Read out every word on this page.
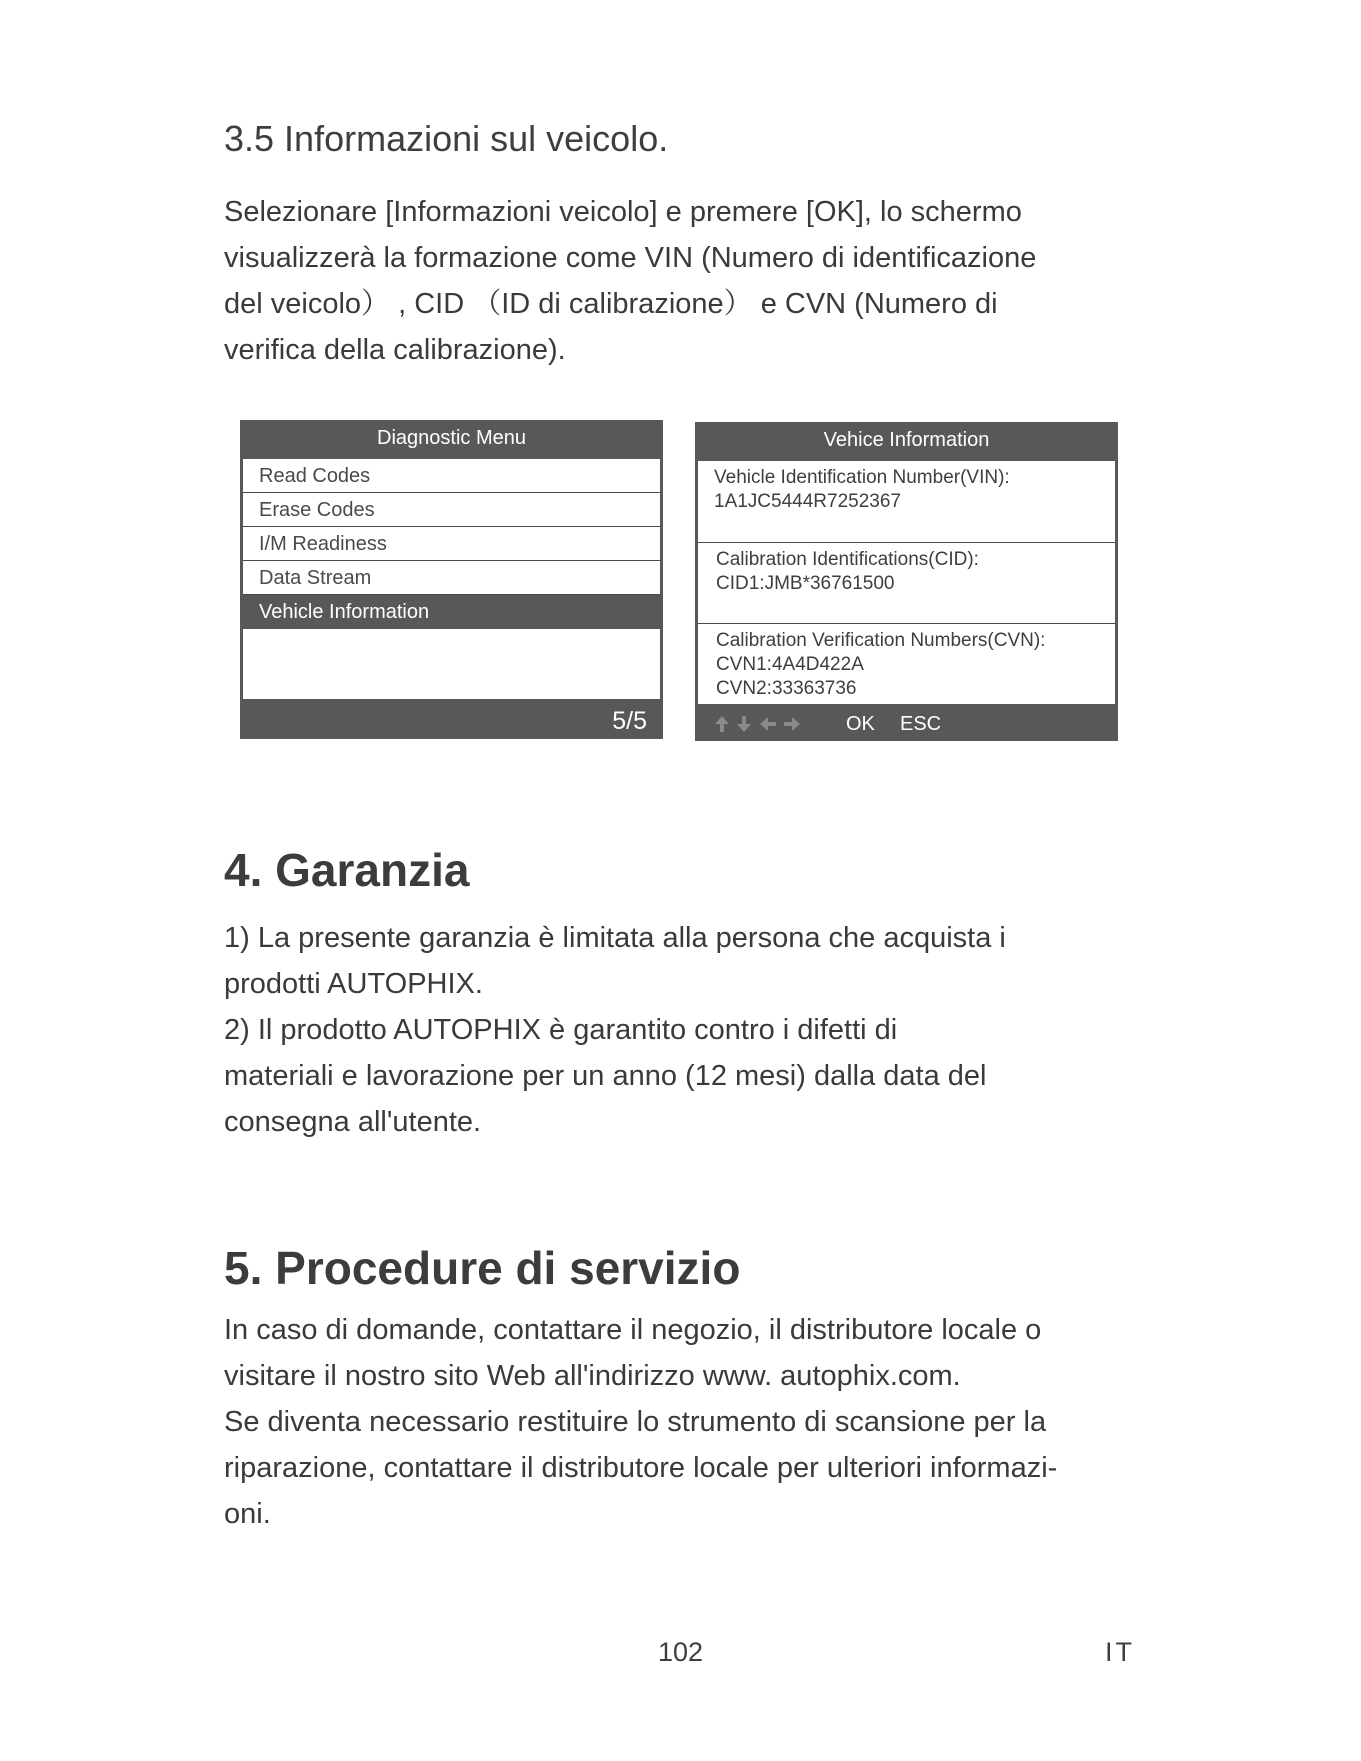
3.5 Informazioni sul veicolo.
Selezionare [Informazioni veicolo] e premere [OK], lo schermo
visualizzerà la formazione come VIN (Numero di identificazione
del veicolo） , CID （ID di calibrazione） e CVN (Numero di
verifica della calibrazione).
Diagnostic Menu
Read Codes
Erase Codes
I/M Readiness
Data Stream
Vehicle Information
5/5
Vehice Information
Vehicle Identification Number(VIN):
1A1JC5444R7252367
Calibration Identifications(CID):
CID1:JMB*36761500
Calibration Verification Numbers(CVN):
CVN1:4A4D422A
CVN2:33363736

OK ESC
4. Garanzia
1) La presente garanzia è limitata alla persona che acquista i
prodotti AUTOPHIX.
2) Il prodotto AUTOPHIX è garantito contro i difetti di
materiali e lavorazione per un anno (12 mesi) dalla data del
consegna all'utente.
5. Procedure di servizio
In caso di domande, contattare il negozio, il distributore locale o
visitare il nostro sito Web all'indirizzo www. autophix.com.
Se diventa necessario restituire lo strumento di scansione per la
riparazione, contattare il distributore locale per ulteriori informazi-
oni.
102	IT
